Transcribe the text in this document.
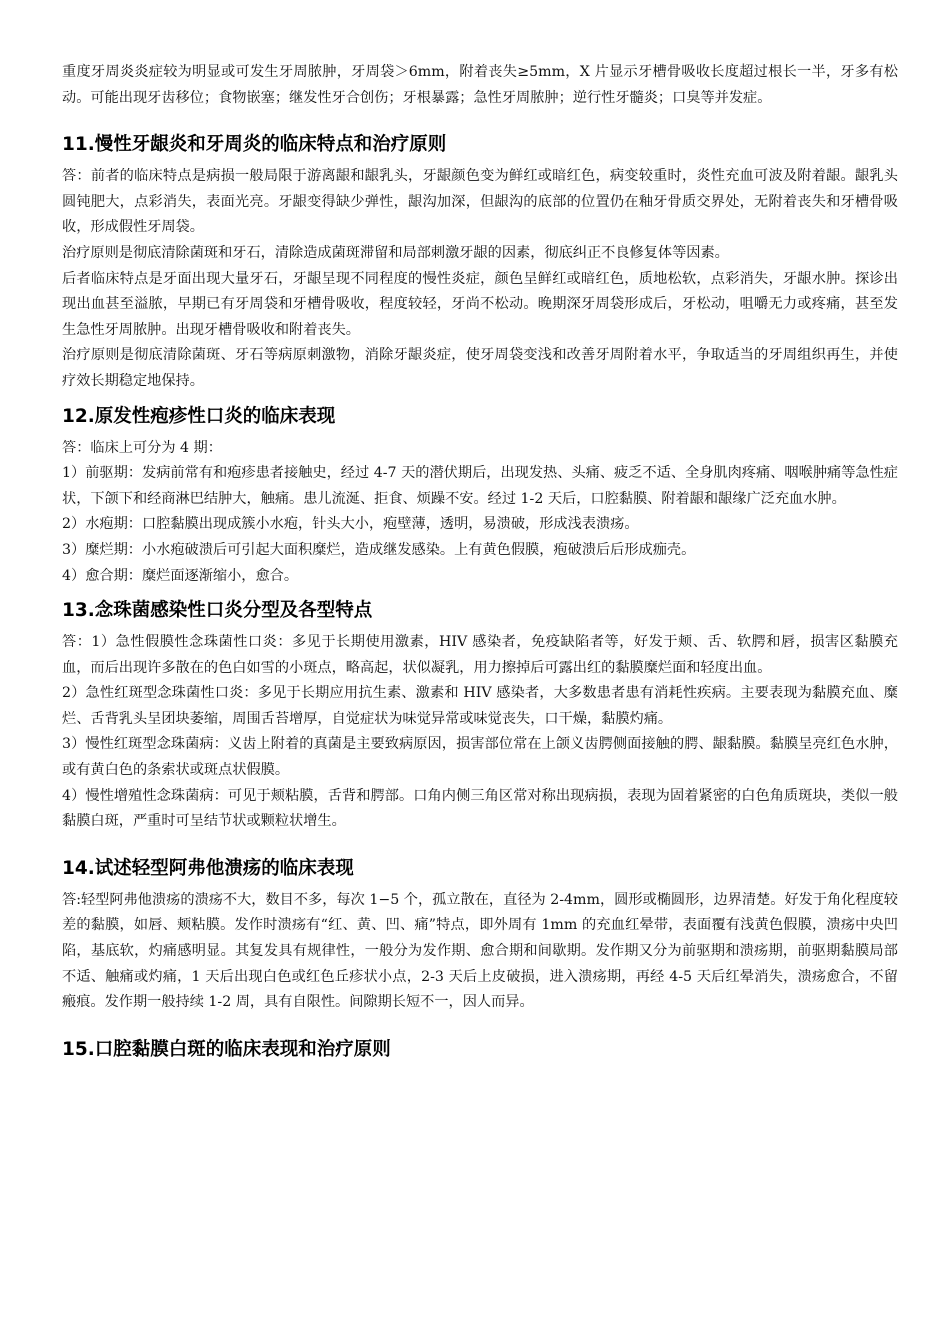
重度牙周炎炎症较为明显或可发生牙周脓肿，牙周袋＞6mm，附着丧失≥5mm，X 片显示牙槽骨吸收长度超过根长一半，牙多有松动。可能出现牙齿移位；食物嵌塞；继发性牙合创伤；牙根暴露；急性牙周脓肿；逆行性牙髓炎；口臭等并发症。

11.慢性牙龈炎和牙周炎的临床特点和治疗原则

答：前者的临床特点是病损一般局限于游离龈和龈乳头，牙龈颜色变为鲜红或暗红色，病变较重时，炎性充血可波及附着龈。龈乳头圆钝肥大，点彩消失，表面光亮。牙龈变得缺少弹性，龈沟加深，但龈沟的底部的位置仍在釉牙骨质交界处，无附着丧失和牙槽骨吸收，形成假性牙周袋。

治疗原则是彻底清除菌斑和牙石，清除造成菌斑滞留和局部刺激牙龈的因素，彻底纠正不良修复体等因素。

后者临床特点是牙面出现大量牙石，牙龈呈现不同程度的慢性炎症，颜色呈鲜红或暗红色，质地松软，点彩消失，牙龈水肿。探诊出现出血甚至溢脓，早期已有牙周袋和牙槽骨吸收，程度较轻，牙尚不松动。晚期深牙周袋形成后，牙松动，咀嚼无力或疼痛，甚至发生急性牙周脓肿。出现牙槽骨吸收和附着丧失。

治疗原则是彻底清除菌斑、牙石等病原刺激物，消除牙龈炎症，使牙周袋变浅和改善牙周附着水平，争取适当的牙周组织再生，并使疗效长期稳定地保持。

12.原发性疱疹性口炎的临床表现

答：临床上可分为 4 期：

1）前驱期：发病前常有和疱疹患者接触史，经过 4-7 天的潜伏期后，出现发热、头痛、疲乏不适、全身肌肉疼痛、咽喉肿痛等急性症状，下颌下和经商淋巴结肿大，触痛。患儿流涎、拒食、烦躁不安。经过 1-2 天后，口腔黏膜、附着龈和龈缘广泛充血水肿。

2）水疱期：口腔黏膜出现成簇小水疱，针头大小，疱壁薄，透明，易溃破，形成浅表溃疡。

3）糜烂期：小水疱破溃后可引起大面积糜烂，造成继发感染。上有黄色假膜，疱破溃后后形成痂壳。

4）愈合期：糜烂面逐渐缩小，愈合。

13.念珠菌感染性口炎分型及各型特点

答：1）急性假膜性念珠菌性口炎：多见于长期使用激素，HIV 感染者，免疫缺陷者等，好发于颊、舌、软腭和唇，损害区黏膜充血，而后出现许多散在的色白如雪的小斑点，略高起，状似凝乳，用力擦掉后可露出红的黏膜糜烂面和轻度出血。

2）急性红斑型念珠菌性口炎：多见于长期应用抗生素、激素和 HIV 感染者，大多数患者患有消耗性疾病。主要表现为黏膜充血、糜烂、舌背乳头呈团块萎缩，周围舌苔增厚，自觉症状为味觉异常或味觉丧失，口干燥，黏膜灼痛。

3）慢性红斑型念珠菌病：义齿上附着的真菌是主要致病原因，损害部位常在上颌义齿腭侧面接触的腭、龈黏膜。黏膜呈亮红色水肿，或有黄白色的条索状或斑点状假膜。

4）慢性增殖性念珠菌病：可见于颊粘膜，舌背和腭部。口角内侧三角区常对称出现病损，表现为固着紧密的白色角质斑块，类似一般黏膜白斑，严重时可呈结节状或颗粒状增生。

14.试述轻型阿弗他溃疡的临床表现

答:轻型阿弗他溃疡的溃疡不大，数目不多，每次 1−5 个，孤立散在，直径为 2-4mm，圆形或椭圆形，边界清楚。好发于角化程度较差的黏膜，如唇、颊粘膜。发作时溃疡有“红、黄、凹、痛”特点，即外周有 1mm 的充血红晕带，表面覆有浅黄色假膜，溃疡中央凹陷，基底软，灼痛感明显。其复发具有规律性，一般分为发作期、愈合期和间歇期。发作期又分为前驱期和溃疡期，前驱期黏膜局部不适、触痛或灼痛，1 天后出现白色或红色丘疹状小点，2-3 天后上皮破损，进入溃疡期，再经 4-5 天后红晕消失，溃疡愈合，不留瘢痕。发作期一般持续 1-2 周，具有自限性。间隙期长短不一，因人而异。

15.口腔黏膜白斑的临床表现和治疗原则
